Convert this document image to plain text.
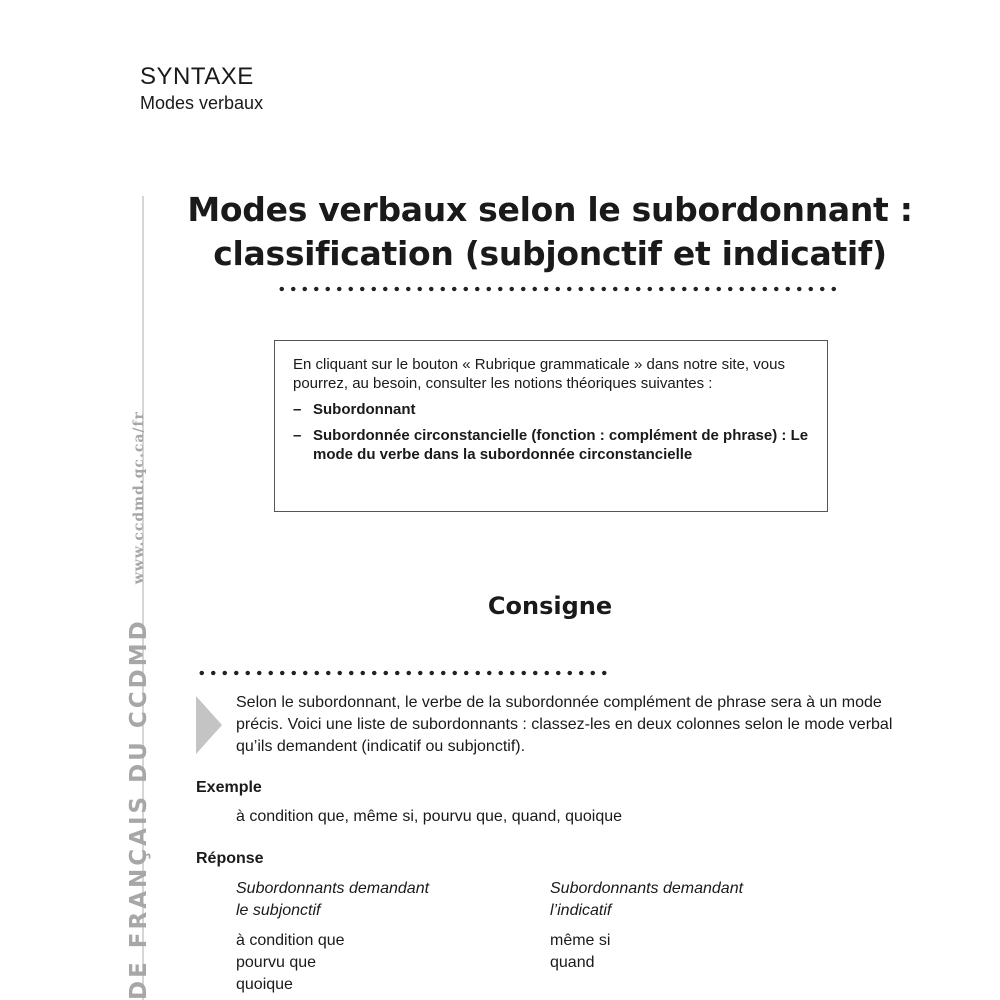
SYNTAXE
Modes verbaux
DE FRANÇAIS DU CCDMDwww.ccdmd.qc.ca/fr
Modes verbaux selon le subordonnant :
classification (subjonctif et indicatif)

En cliquant sur le bouton « Rubrique grammaticale » dans notre site, vous pourrez, au besoin, consulter les notions théoriques suivantes :

– Subordonnant
– Subordonnée circonstancielle (fonction : complément de phrase) : Le mode du verbe dans la subordonnée circonstancielle
Consigne
Selon le subordonnant, le verbe de la subordonnée complément de phrase sera à un mode précis. Voici une liste de subordonnants : classez-les en deux colonnes selon le mode verbal qu’ils demandent (indicatif ou subjonctif).
Exemple
à condition que, même si, pourvu que, quand, quoique
Réponse
Subordonnants demandant
le subjonctif
à condition que
pourvu que
quoique
Subordonnants demandant
l’indicatif
même si
quand
